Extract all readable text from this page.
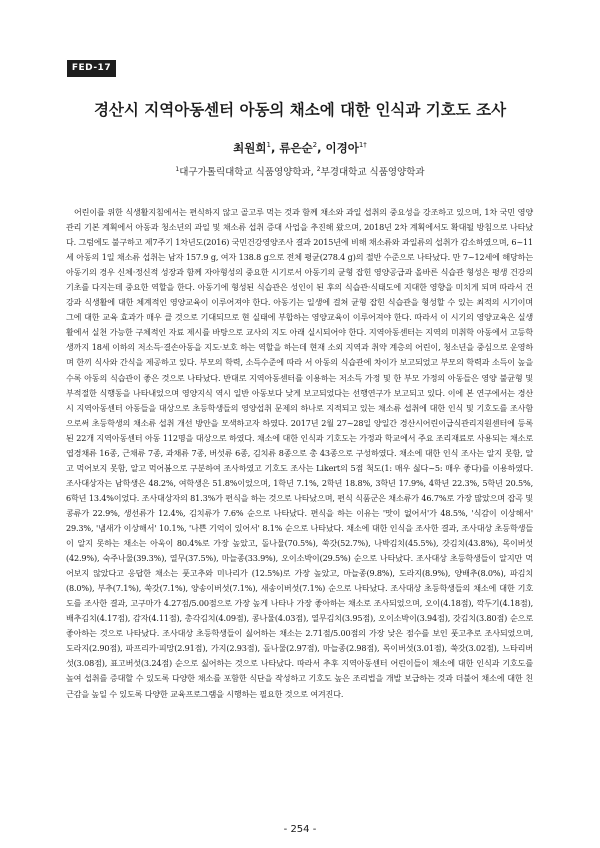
FED-17
경산시 지역아동센터 아동의 채소에 대한 인식과 기호도 조사
최원희$^1$, 류은순$^2$, 이경아$^{1\dagger}$
$^1$대구가톨릭대학교 식품영양학과, $^2$부경대학교 식품영양학과

어린이를 위한 식생활지침에서는 편식하지 않고 골고루 먹는 것과 함께 채소와 과일 섭취의 중요성을 강조하고 있으며, 1차 국민 영양 관리 기본 계획에서 아동과 청소년의 과일 및 채소류 섭취 증대 사업을 추진해 왔으며, 2018년 2차 계획에서도 확대될 방침으로 나타났다. 그럼에도 불구하고 제7주기 1차년도(2016) 국민건강영양조사 결과 2015년에 비해 채소류와 과일류의 섭취가 감소하였으며, 6~11세 아동의 1일 채소류 섭취는 남자 157.9 g, 여자 138.8 g으로 전체 평균(278.4 g)의 절반 수준으로 나타났다. 만 7~12세에 해당하는 아동기의 경우 신체·정신적 성장과 함께 자아형성의 중요한 시기로서 아동기의 균형 잡힌 영양공급과 올바른 식습관 형성은 평생 건강의 기초를 다지는데 중요한 역할을 한다. 아동기에 형성된 식습관은 성인이 된 후의 식습관·식태도에 지대한 영향을 미치게 되며 따라서 건강과 식생활에 대한 체계적인 영양교육이 이루어져야 한다. 아동기는 일생에 걸쳐 균형 잡힌 식습관을 형성할 수 있는 최적의 시기이며 그에 대한 교육 효과가 매우 클 것으로 기대되므로 현 실태에 부합하는 영양교육이 이루어져야 한다. 따라서 이 시기의 영양교육은 실생활에서 실천 가능한 구체적인 자료 제시를 바탕으로 교사의 지도 아래 실시되어야 한다. 지역아동센터는 지역의 미취학 아동에서 고등학생까지 18세 이하의 저소득·결손아동을 지도·보호 하는 역할을 하는데 현재 소외 지역과 취약 계층의 어린이, 청소년을 중심으로 운영하며 한끼 식사와 간식을 제공하고 있다. 부모의 학력, 소득수준에 따라 서 아동의 식습관에 차이가 보고되었고 부모의 학력과 소득이 높을수록 아동의 식습관이 좋은 것으로 나타났다. 반대로 지역아동센터를 이용하는 저소득 가정 및 한 부모 가정의 아동들은 영양 불균형 및 부적절한 식행동을 나타내었으며 영양지식 역시 일반 아동보다 낮게 보고되었다는 선행연구가 보고되고 있다. 이에 본 연구에서는 경산시 지역아동센터 아동들을 대상으로 초등학생들의 영양섭취 문제의 하나로 지적되고 있는 채소류 섭취에 대한 인식 및 기호도를 조사함으로써 초등학생의 채소류 섭취 개선 방안을 모색하고자 하였다. 2017년 2월 27~28일 양일간 경산시어린이급식관리지원센터에 등록된 22개 지역아동센터 아동 112명을 대상으로 하였다. 채소에 대한 인식과 기호도는 가정과 학교에서 주요 조리재료로 사용되는 채소로 엽경채류 16종, 근채류 7종, 과채류 7종, 버섯류 6종, 김치류 8종으로 총 43종으로 구성하였다. 채소에 대한 인식 조사는 알지 못함, 알고 먹어보지 못함, 알고 먹어봄으로 구분하여 조사하였고 기호도 조사는 Likert의 5점 척도(1: 매우 싫다~5: 매우 좋다)를 이용하였다. 조사대상자는 남학생은 48.2%, 여학생은 51.8%이었으며, 1학년 7.1%, 2학년 18.8%, 3학년 17.9%, 4학년 22.3%, 5학년 20.5%, 6학년 13.4%이었다. 조사대상자의 81.3%가 편식을 하는 것으로 나타났으며, 편식 식품군은 채소류가 46.7%로 가장 많았으며 잡곡 및 콩류가 22.9%, 생선류가 12.4%, 김치류가 7.6% 순으로 나타났다. 편식을 하는 이유는 '맛이 없어서'가 48.5%, '식감이 이상해서' 29.3%, '냄새가 이상해서' 10.1%, '나쁜 기억이 있어서' 8.1% 순으로 나타났다. 채소에 대한 인식을 조사한 결과, 조사대상 초등학생들이 알지 못하는 채소는 아욱이 80.4%로 가장 높았고, 돌나물(70.5%), 쑥갓(52.7%), 나박김치(45.5%), 갓김치(43.8%), 목이버섯(42.9%), 숙주나물(39.3%), 열무(37.5%), 마늘종(33.9%), 오이소박이(29.5%) 순으로 나타났다. 조사대상 초등학생들이 알지만 먹어보지 않았다고 응답한 채소는 풋고추와 미나리가 (12.5%)로 가장 높았고, 마늘종(9.8%), 도라지(8.9%), 양배추(8.0%), 파김치(8.0%), 부추(7.1%), 쑥갓(7.1%), 양송이버섯(7.1%), 새송이버섯(7.1%) 순으로 나타났다. 조사대상 초등학생들의 채소에 대한 기호도를 조사한 결과, 고구마가 4.27점/5.00점으로 가장 높게 나타나 가장 좋아하는 채소로 조사되었으며, 오이(4.18점), 깍두기(4.18점), 배추김치(4.17점), 감자(4.11점), 총각김치(4.09점), 콩나물(4.03점), 열무김치(3.95점), 오이소박이(3.94점), 갓김치(3.80점) 순으로 좋아하는 것으로 나타났다. 조사대상 초등학생들이 싫어하는 채소는 2.71점/5.00점의 가장 낮은 점수를 보인 풋고추로 조사되었으며, 도라지(2.90점), 파프리카·피망(2.91점), 가지(2.93점), 돌나물(2.97점), 마늘종(2.98점), 목이버섯(3.01점), 쑥갓(3.02점), 느타리버섯(3.08점), 표고버섯(3.24점) 순으로 싫어하는 것으로 나타났다. 따라서 추후 지역아동센터 어린이들이 채소에 대한 인식과 기호도를 높여 섭취를 증대할 수 있도록 다양한 채소를 포함한 식단을 작성하고 기호도 높은 조리법을 개발 보급하는 것과 더불어 채소에 대한 친근감을 높일 수 있도록 다양한 교육프로그램을 시행하는 필요한 것으로 여겨진다.

- 254 -
